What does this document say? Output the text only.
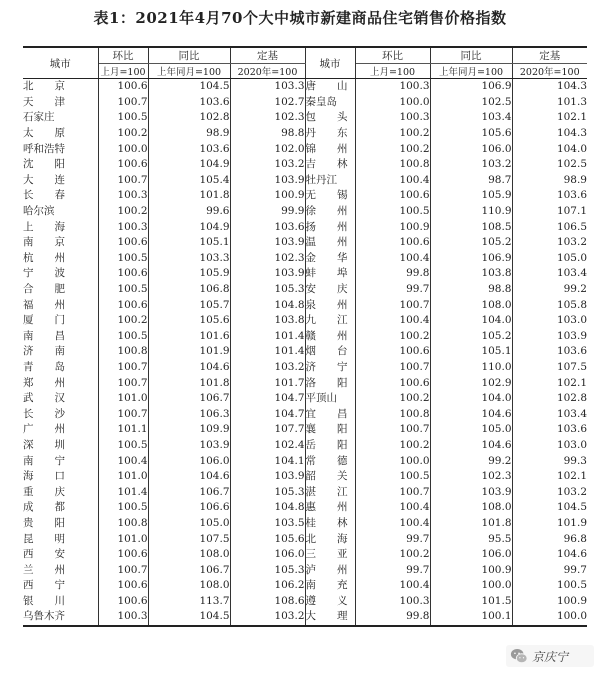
表1：2021年4月70个大中城市新建商品住宅销售价格指数
城市	环比	同比	定基	城市	环比	同比	定基
	上月=100	上年同月=100	2020年=100		上月=100	上年同月=100	2020年=100
北　　京	100.6	104.5	103.3	唐　　山	100.3	106.9	104.3
天　　津	100.7	103.6	102.7	秦皇岛	100.0	102.5	101.3
石家庄	100.5	102.8	102.3	包　　头	100.3	103.4	102.1
太　　原	100.2	98.9	98.8	丹　　东	100.2	105.6	104.3
呼和浩特	100.0	103.6	102.0	锦　　州	100.2	106.0	104.0
沈　　阳	100.6	104.9	103.2	吉　　林	100.8	103.2	102.5
大　　连	100.7	105.4	103.9	牡丹江	100.4	98.7	98.9
长　　春	100.3	101.8	100.9	无　　锡	100.6	105.9	103.6
哈尔滨	100.2	99.6	99.9	徐　　州	100.5	110.9	107.1
上　　海	100.3	104.9	103.6	扬　　州	100.9	108.5	106.5
南　　京	100.6	105.1	103.9	温　　州	100.6	105.2	103.2
杭　　州	100.5	103.3	102.3	金　　华	100.4	106.9	105.0
宁　　波	100.6	105.9	103.9	蚌　　埠	99.8	103.8	103.4
合　　肥	100.5	106.8	105.3	安　　庆	99.7	98.8	99.2
福　　州	100.6	105.7	104.8	泉　　州	100.7	108.0	105.8
厦　　门	100.2	105.6	103.8	九　　江	100.4	104.0	103.0
南　　昌	100.5	101.6	101.4	赣　　州	100.2	105.2	103.9
济　　南	100.8	101.9	101.4	烟　　台	100.6	105.1	103.6
青　　岛	100.7	104.6	103.2	济　　宁	100.7	110.0	107.5
郑　　州	100.7	101.8	101.7	洛　　阳	100.6	102.9	102.1
武　　汉	101.0	106.7	104.7	平顶山	100.2	104.0	102.8
长　　沙	100.7	106.3	104.7	宜　　昌	100.8	104.6	103.4
广　　州	101.1	109.9	107.7	襄　　阳	100.7	105.0	103.6
深　　圳	100.5	103.9	102.4	岳　　阳	100.2	104.6	103.0
南　　宁	100.4	106.0	104.1	常　　德	100.0	99.2	99.3
海　　口	101.0	104.6	103.9	韶　　关	100.5	102.3	102.1
重　　庆	101.4	106.7	105.3	湛　　江	100.7	103.9	103.2
成　　都	100.5	106.6	104.8	惠　　州	100.4	108.0	104.5
贵　　阳	100.8	105.0	103.5	桂　　林	100.4	101.8	101.9
昆　　明	101.0	107.5	105.6	北　　海	99.7	95.5	96.8
西　　安	100.6	108.0	106.0	三　　亚	100.2	106.0	104.6
兰　　州	100.7	106.7	105.3	泸　　州	99.7	100.9	99.7
西　　宁	100.6	108.0	106.2	南　　充	100.4	100.0	100.5
银　　川	100.6	113.7	108.6	遵　　义	100.3	101.5	100.9
乌鲁木齐	100.3	104.5	103.2	大　　理	99.8	100.1	100.0
京庆宁
